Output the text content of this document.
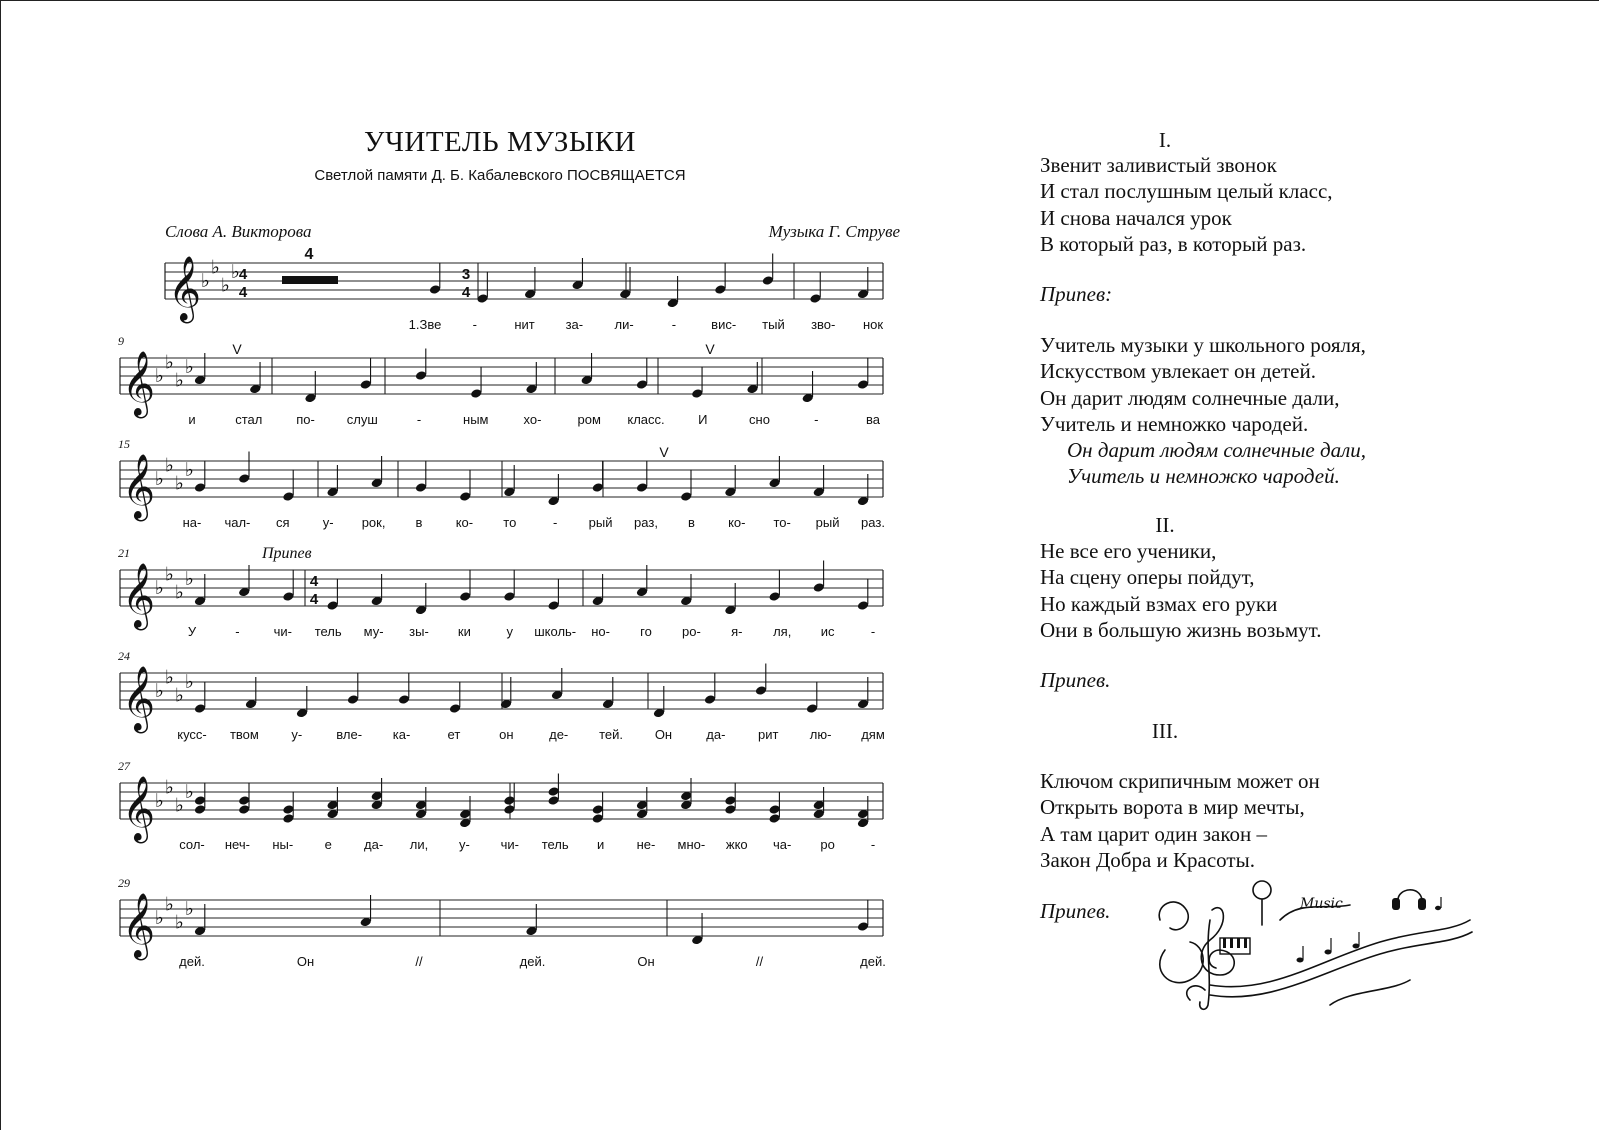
УЧИТЕЛЬ МУЗЫКИ
Светлой памяти Д. Б. Кабалевского ПОСВЯЩАЕТСЯ
Слова А. Викторова	Музыка Г. Струве
𝄞 ♭
♭
♭
♭
4
4
3
4
4
1.Зве -	нит за- ли-	-	вис- тый зво- нок
𝄞 ♭
♭
♭
♭
9	V	V
и	стал	по- слуш	-	ным	хо-	ром класс.	И	сно	-	ва
𝄞 ♭
♭
♭
♭
15	V
на- чал- ся	у- рок, в	ко- то	- рый раз, в	ко- то- рый раз.
𝄞 ♭
♭
♭
♭
21	Припев
4
4
У	-	чи- тель му- зы- ки	у школь- но- го ро- я- ля, ис	-
𝄞 ♭
♭
♭
♭
24
кусс- твом	у-	вле- ка-	ет	он	де- тей. Он	да-	рит лю- дям
𝄞 ♭
♭
♭
♭
27
сол- неч- ны- е да- ли, у- чи- тель и не- мно- жко ча- ро	-
𝄞 ♭
♭
♭
♭
29
дей.	Он	//	дей.	Он	//	дей.
I.
Звенит заливистый звонок
И стал послушным целый класс,
И снова начался урок
В который раз, в который раз.
Припев:
Учитель музыки у школьного рояля,
Искусством увлекает он детей.
Он дарит людям солнечные дали,
Учитель и немножко чародей.
Он дарит людям солнечные дали,
Учитель и немножко чародей.
II.
Не все его ученики,
На сцену оперы пойдут,
Но каждый взмах его руки
Они в большую жизнь возьмут.
Припев.
III.
Ключом скрипичным может он
Открыть ворота в мир мечты,
А там царит один закон –
Закон Добра и Красоты.
Припев.	Music
